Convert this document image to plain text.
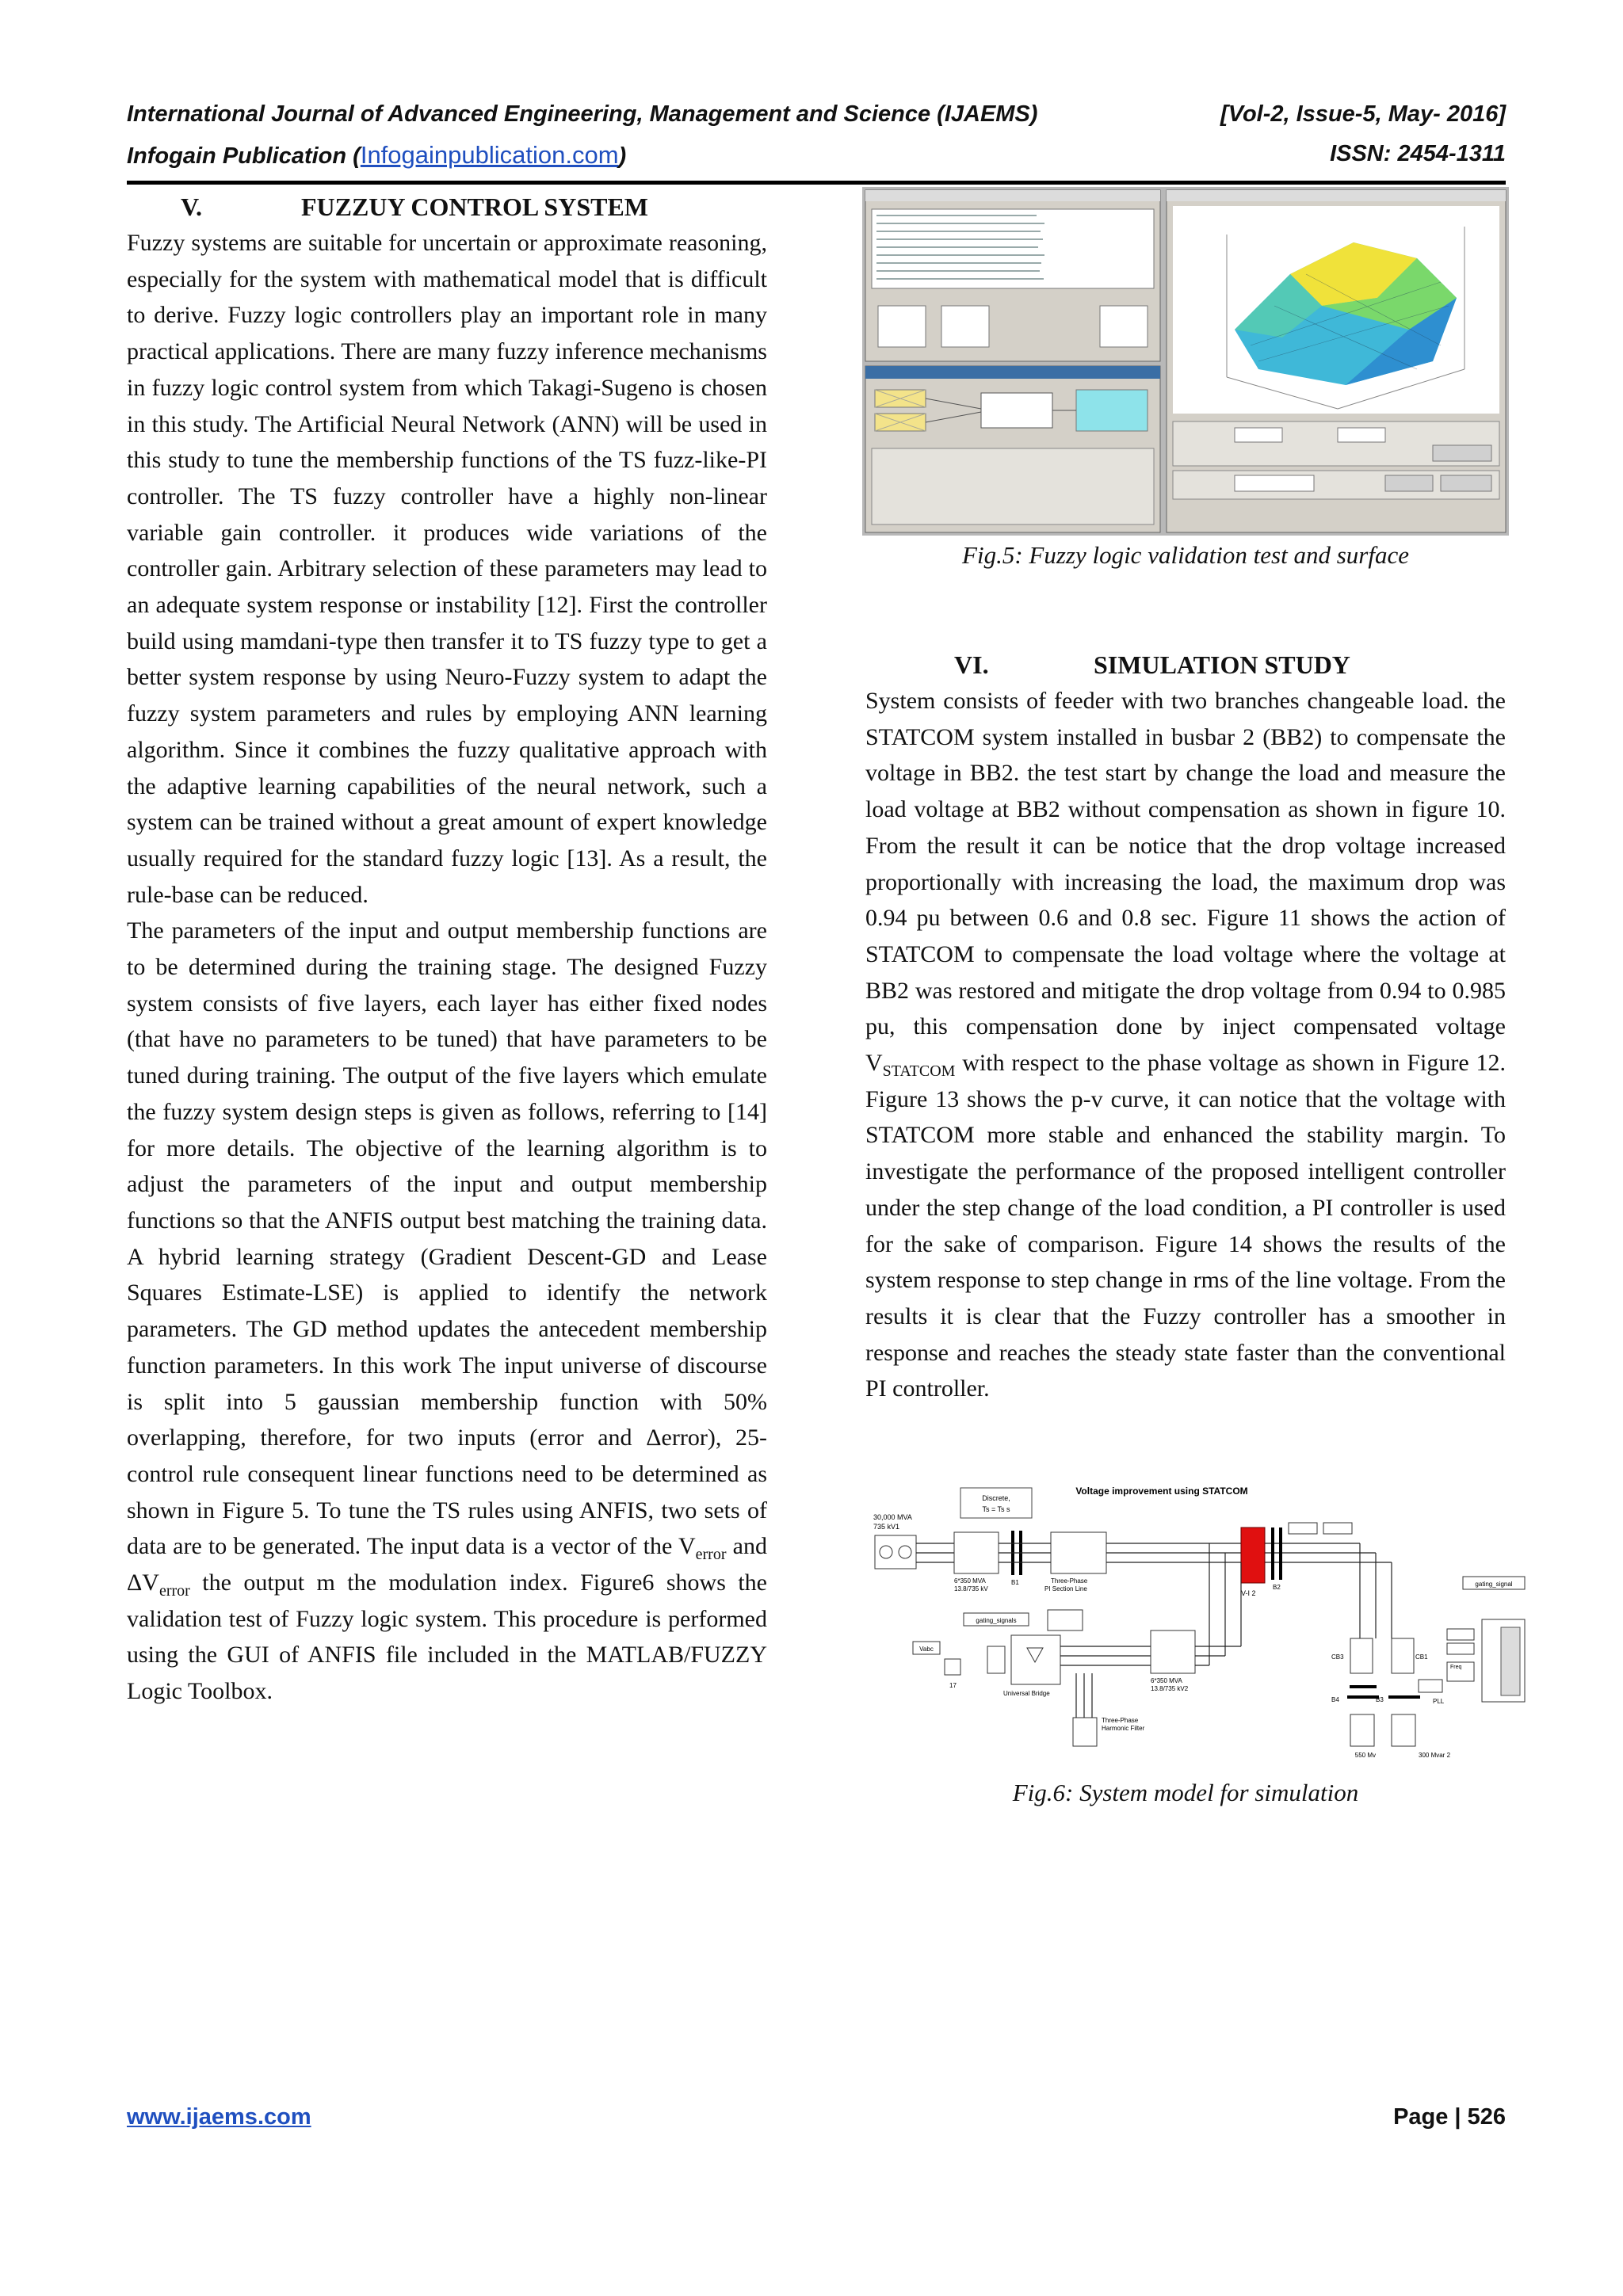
International Journal of Advanced Engineering, Management and Science (IJAEMS)	[Vol-2, Issue-5, May- 2016]
Infogain Publication (Infogainpublication.com)	ISSN: 2454-1311
V.	FUZZUY CONTROL SYSTEM

Fuzzy systems are suitable for uncertain or approximate reasoning, especially for the system with mathematical model that is difficult to derive. Fuzzy logic controllers play an important role in many practical applications. There are many fuzzy inference mechanisms in fuzzy logic control system from which Takagi-Sugeno is chosen in this study. The Artificial Neural Network (ANN) will be used in this study to tune the membership functions of the TS fuzz-like-PI controller. The TS fuzzy controller have a highly non-linear variable gain controller. it produces wide variations of the controller gain. Arbitrary selection of these parameters may lead to an adequate system response or instability [12]. First the controller build using mamdani-type then transfer it to TS fuzzy type to get a better system response by using Neuro-Fuzzy system to adapt the fuzzy system parameters and rules by employing ANN learning algorithm. Since it combines the fuzzy qualitative approach with the adaptive learning capabilities of the neural network, such a system can be trained without a great amount of expert knowledge usually required for the standard fuzzy logic [13]. As a result, the rule-base can be reduced.

The parameters of the input and output membership functions are to be determined during the training stage. The designed Fuzzy system consists of five layers, each layer has either fixed nodes (that have no parameters to be tuned) that have parameters to be tuned during training. The output of the five layers which emulate the fuzzy system design steps is given as follows, referring to [14] for more details. The objective of the learning algorithm is to adjust the parameters of the input and output membership functions so that the ANFIS output best matching the training data. A hybrid learning strategy (Gradient Descent-GD and Lease Squares Estimate-LSE) is applied to identify the network parameters. The GD method updates the antecedent membership function parameters. In this work The input universe of discourse is split into 5 gaussian membership function with 50% overlapping, therefore, for two inputs (error and Δerror), 25-control rule consequent linear functions need to be determined as shown in Figure 5. To tune the TS rules using ANFIS, two sets of data are to be generated. The input data is a vector of the $V_{error}$ and $\Delta V_{error}$ the output m the modulation index. Figure6 shows the validation test of Fuzzy logic system. This procedure is performed using the GUI of ANFIS file included in the MATLAB/FUZZY Logic Toolbox.

Fig.5: Fuzzy logic validation test and surface
VI.	SIMULATION STUDY

System consists of feeder with two branches changeable load. the STATCOM system installed in busbar 2 (BB2) to compensate the voltage in BB2. the test start by change the load and measure the load voltage at BB2 without compensation as shown in figure 10. From the result it can be notice that the drop voltage increased proportionally with increasing the load, the maximum drop was 0.94 pu between 0.6 and 0.8 sec. Figure 11 shows the action of STATCOM to compensate the load voltage where the voltage at BB2 was restored and mitigate the drop voltage from 0.94 to 0.985 pu, this compensation done by inject compensated voltage $V_{STATCOM}$ with respect to the phase voltage as shown in Figure 12. Figure 13 shows the p-v curve, it can notice that the voltage with STATCOM more stable and enhanced the stability margin. To investigate the performance of the proposed intelligent controller under the step change of the load condition, a PI controller is used for the sake of comparison. Figure 14 shows the results of the system response to step change in rms of the line voltage. From the results it is clear that the Fuzzy controller has a smoother in response and reaches the steady state faster than the conventional PI controller.

Voltage improvement using STATCOM
Discrete,
Ts = Ts s
30,000 MVA
735 kV1
6*350 MVA
13.8/735 kV
B1	Three-Phase
PI Section Line
V-I 2
B2	gating_signal
gating_signals
Vabc
17
Universal Bridge
6*350 MVA
13.8/735 kV2
Three-Phase
Harmonic Filter
CB3	CB1
B4	B3
550 Mv	300 Mvar 2
PLL
Freq
Fig.6: System model for simulation
www.ijaems.com	Page | 526
